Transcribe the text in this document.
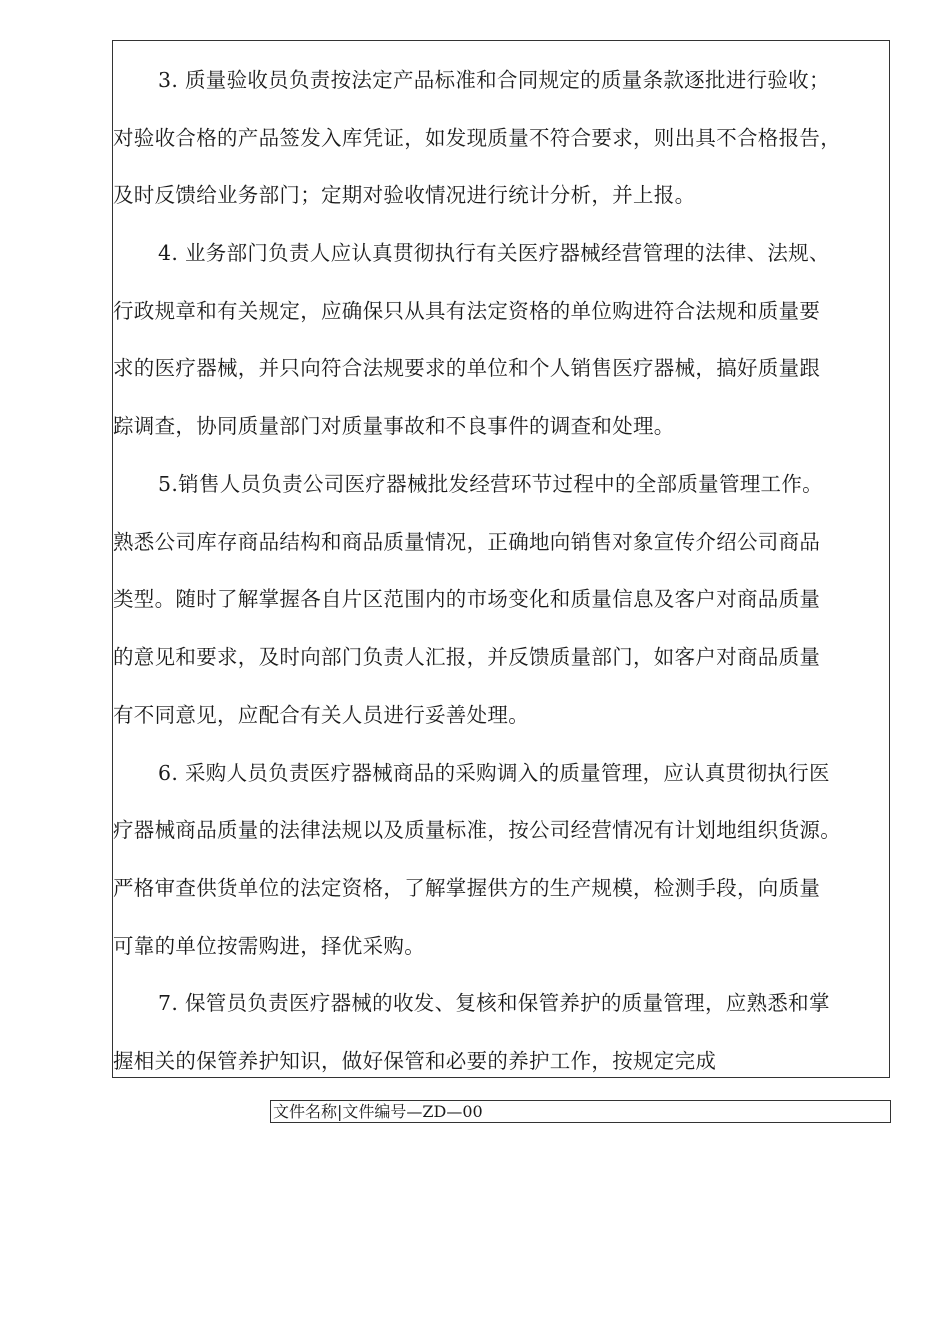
3. 质量验收员负责按法定产品标准和合同规定的质量条款逐批进行验收；
对验收合格的产品签发入库凭证，如发现质量不符合要求，则出具不合格报告，
及时反馈给业务部门；定期对验收情况进行统计分析，并上报。
4. 业务部门负责人应认真贯彻执行有关医疗器械经营管理的法律、法规、
行政规章和有关规定，应确保只从具有法定资格的单位购进符合法规和质量要
求的医疗器械，并只向符合法规要求的单位和个人销售医疗器械，搞好质量跟
踪调查，协同质量部门对质量事故和不良事件的调查和处理。
5.销售人员负责公司医疗器械批发经营环节过程中的全部质量管理工作。
熟悉公司库存商品结构和商品质量情况，正确地向销售对象宣传介绍公司商品
类型。随时了解掌握各自片区范围内的市场变化和质量信息及客户对商品质量
的意见和要求，及时向部门负责人汇报，并反馈质量部门，如客户对商品质量
有不同意见，应配合有关人员进行妥善处理。
6. 采购人员负责医疗器械商品的采购调入的质量管理，应认真贯彻执行医
疗器械商品质量的法律法规以及质量标准，按公司经营情况有计划地组织货源。
严格审查供货单位的法定资格，了解掌握供方的生产规模，检测手段，向质量
可靠的单位按需购进，择优采购。
7. 保管员负责医疗器械的收发、复核和保管养护的质量管理，应熟悉和掌
握相关的保管养护知识，做好保管和必要的养护工作，按规定完成
文件名称|文件编号—ZD—00
